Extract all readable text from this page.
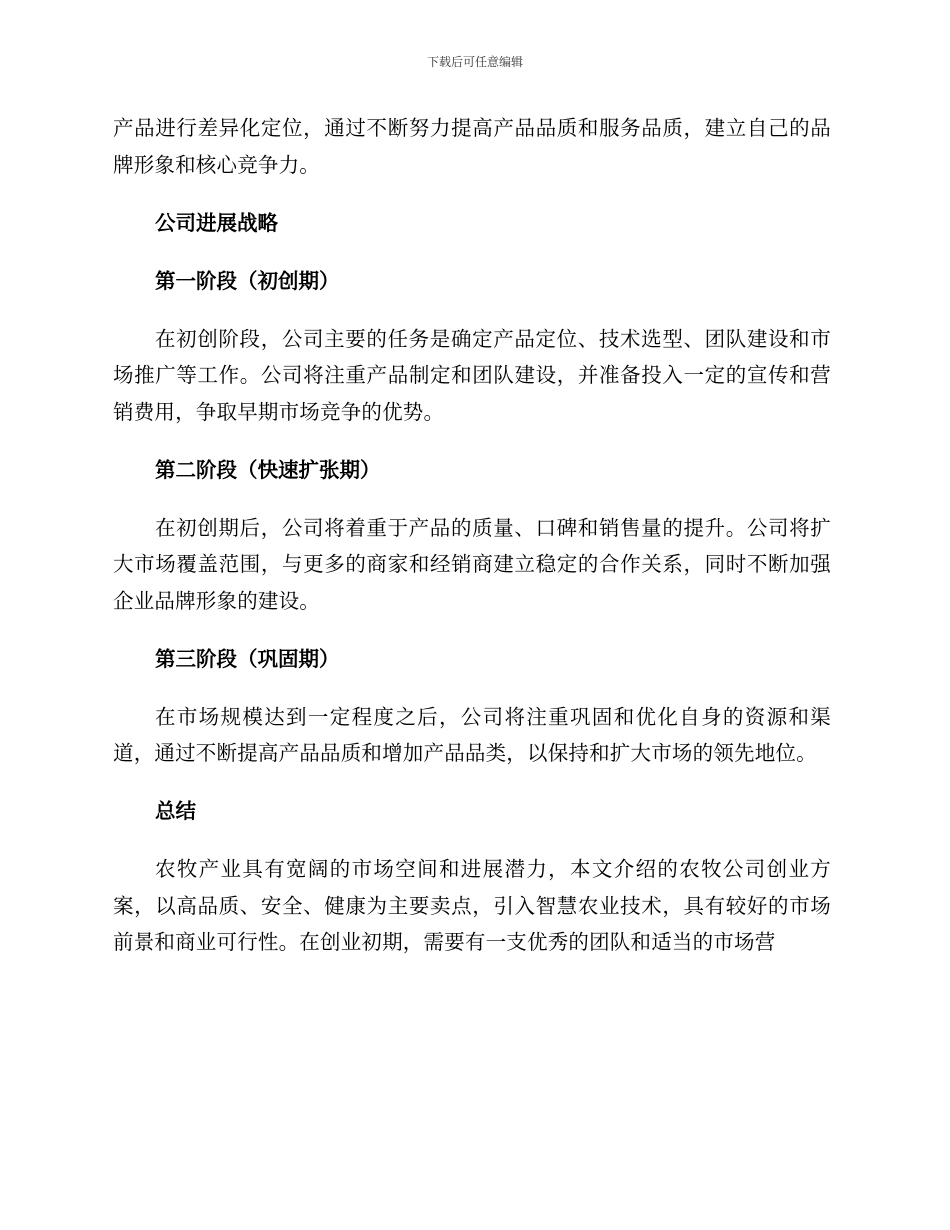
下载后可任意编辑

产品进行差异化定位，通过不断努力提高产品品质和服务品质，建立自己的品牌形象和核心竞争力。

公司进展战略

第一阶段（初创期）

在初创阶段，公司主要的任务是确定产品定位、技术选型、团队建设和市场推广等工作。公司将注重产品制定和团队建设，并准备投入一定的宣传和营销费用，争取早期市场竞争的优势。

第二阶段（快速扩张期）

在初创期后，公司将着重于产品的质量、口碑和销售量的提升。公司将扩大市场覆盖范围，与更多的商家和经销商建立稳定的合作关系，同时不断加强企业品牌形象的建设。

第三阶段（巩固期）

在市场规模达到一定程度之后，公司将注重巩固和优化自身的资源和渠道，通过不断提高产品品质和增加产品品类，以保持和扩大市场的领先地位。

总结

农牧产业具有宽阔的市场空间和进展潜力，本文介绍的农牧公司创业方案，以高品质、安全、健康为主要卖点，引入智慧农业技术，具有较好的市场前景和商业可行性。在创业初期，需要有一支优秀的团队和适当的市场营
